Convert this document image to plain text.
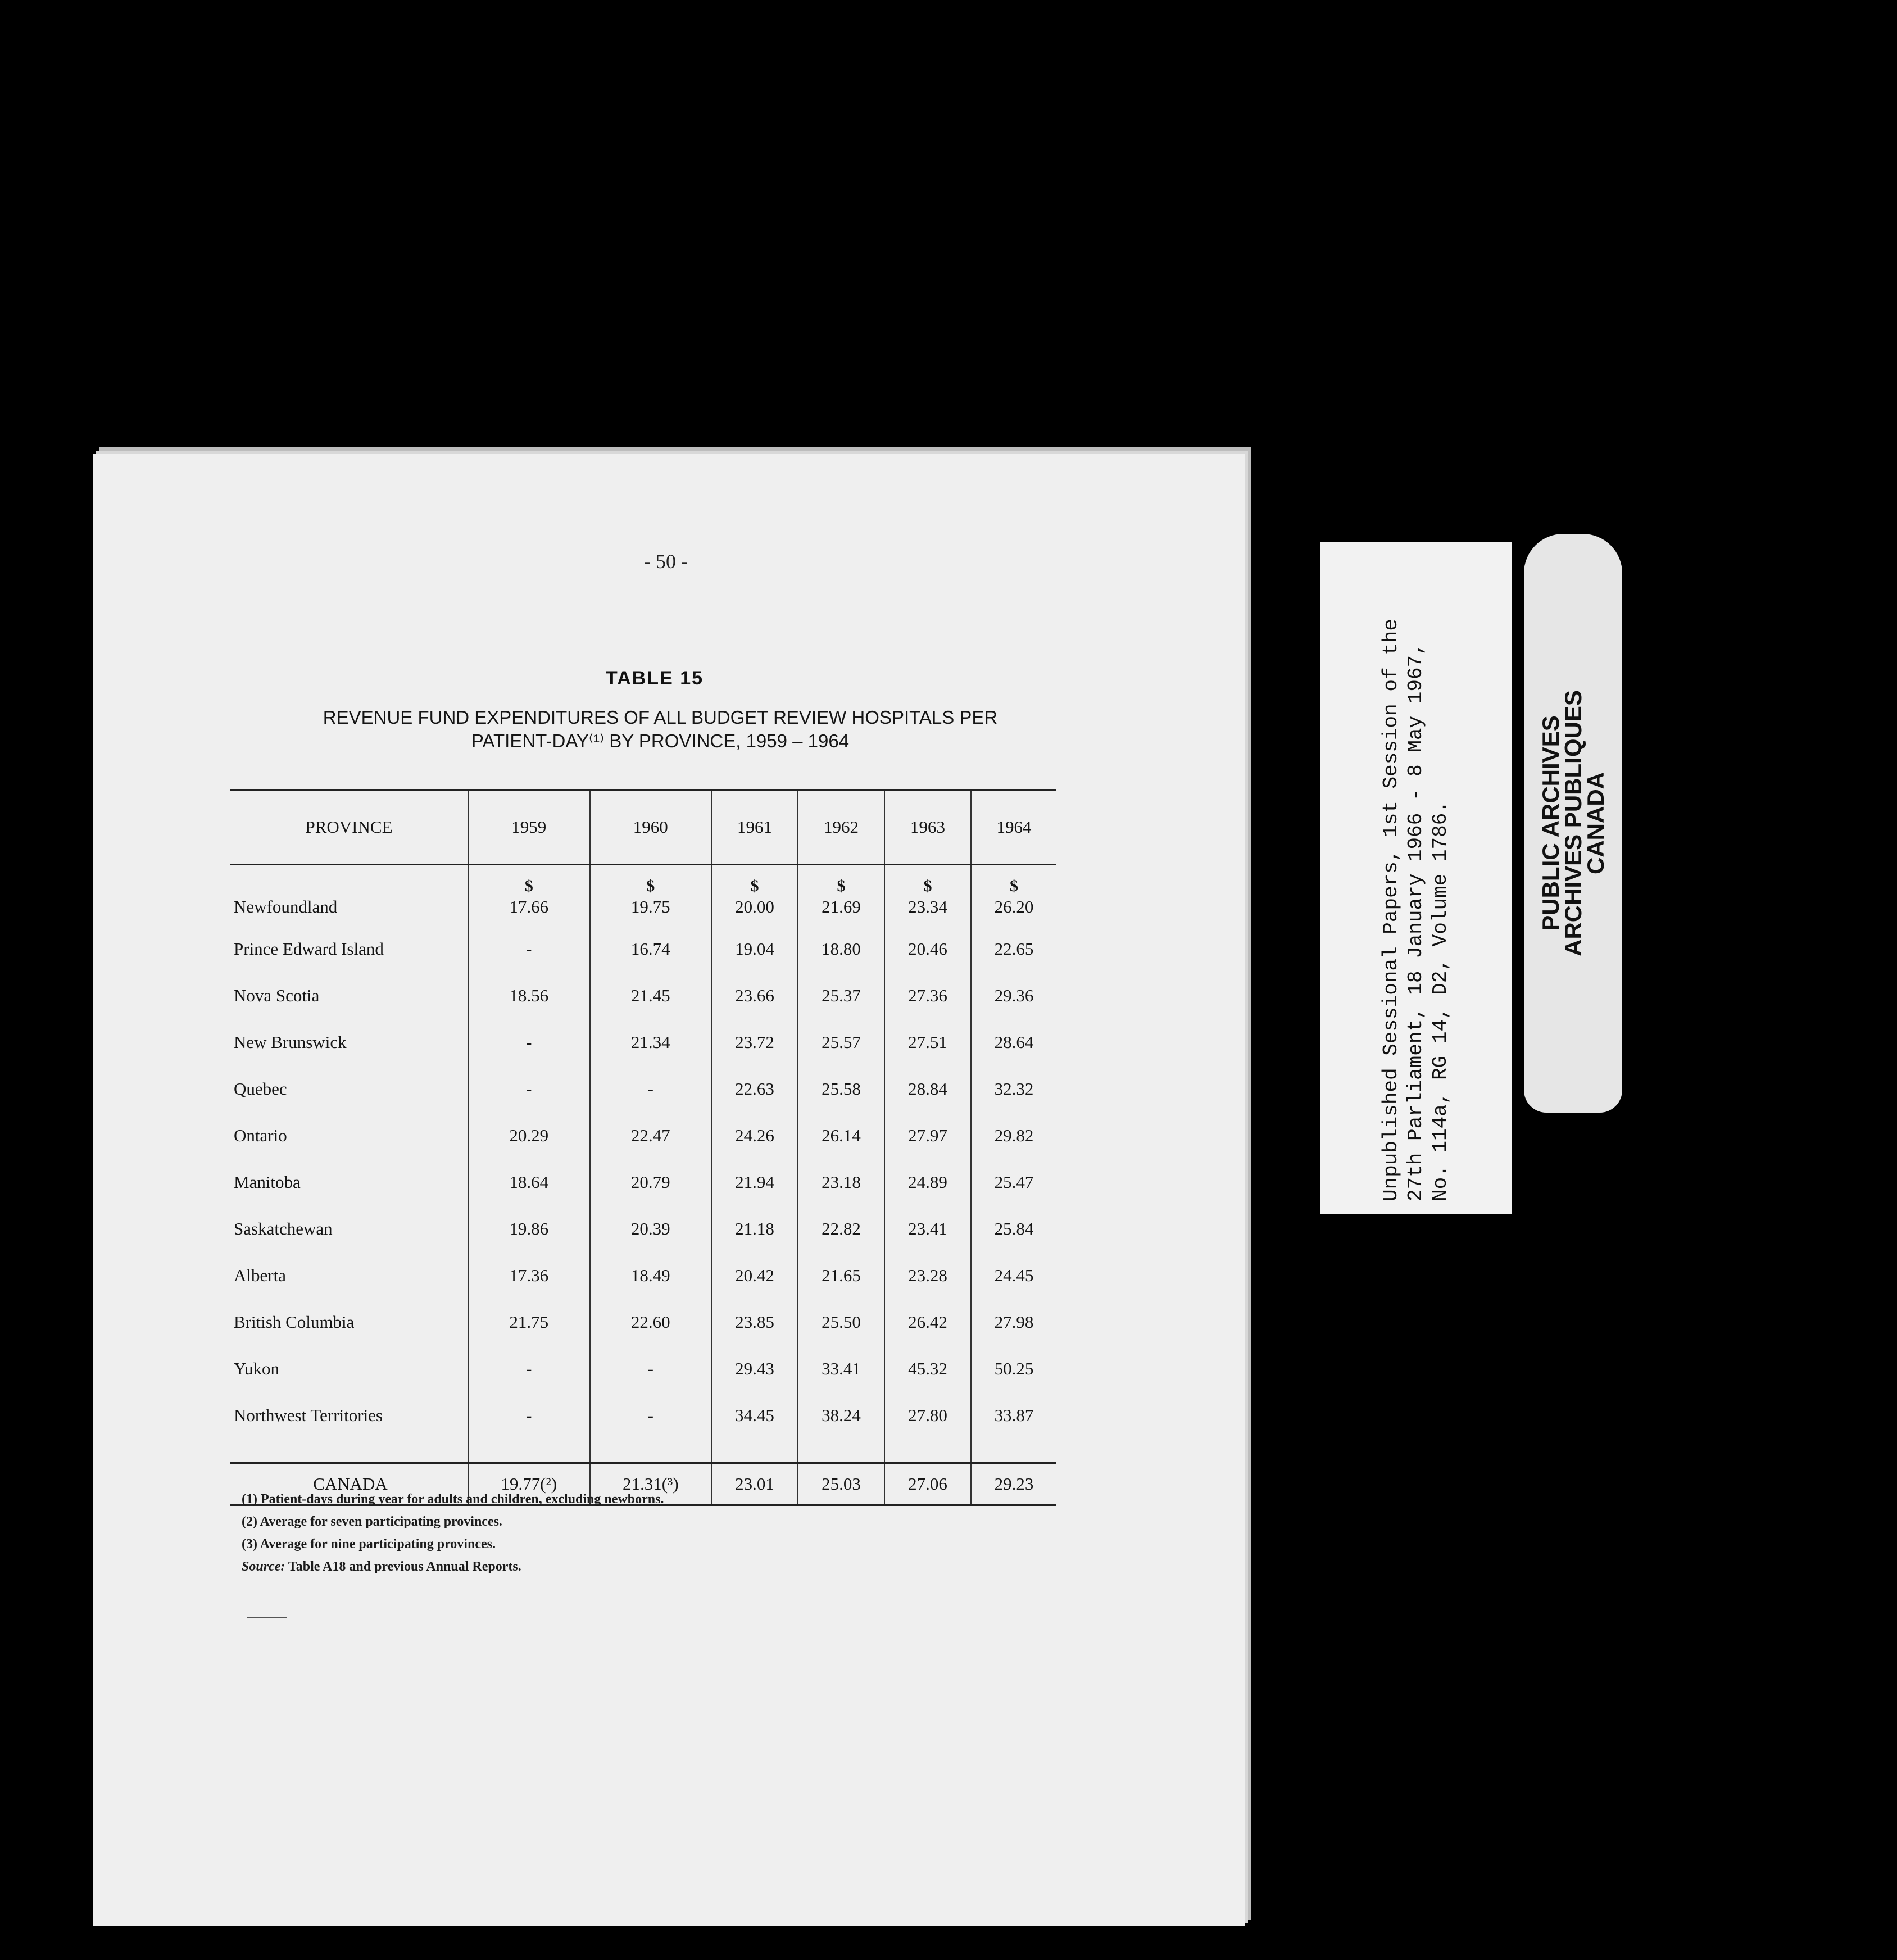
- 50 -
TABLE 15
REVENUE FUND EXPENDITURES OF ALL BUDGET REVIEW HOSPITALS PER
PATIENT-DAY⁽¹⁾ BY PROVINCE, 1959 – 1964
PROVINCE	1959	1960	1961	1962	1963	1964
	$	$	$	$	$	$
Newfoundland	17.66	19.75	20.00	21.69	23.34	26.20
Prince Edward Island	-	16.74	19.04	18.80	20.46	22.65
Nova Scotia	18.56	21.45	23.66	25.37	27.36	29.36
New Brunswick	-	21.34	23.72	25.57	27.51	28.64
Quebec	-	-	22.63	25.58	28.84	32.32
Ontario	20.29	22.47	24.26	26.14	27.97	29.82
Manitoba	18.64	20.79	21.94	23.18	24.89	25.47
Saskatchewan	19.86	20.39	21.18	22.82	23.41	25.84
Alberta	17.36	18.49	20.42	21.65	23.28	24.45
British Columbia	21.75	22.60	23.85	25.50	26.42	27.98
Yukon	-	-	29.43	33.41	45.32	50.25
Northwest Territories	-	-	34.45	38.24	27.80	33.87

CANADA	19.77(²)	21.31(³)	23.01	25.03	27.06	29.23
(1) Patient-days during year for adults and children, excluding newborns.
(2) Average for seven participating provinces.
(3) Average for nine participating provinces.
Source: Table A18 and previous Annual Reports.
Unpublished Sessional Papers, 1st Session of the
27th Parliament, 18 January 1966 - 8 May 1967,
No. 114a, RG 14, D2, Volume 1786.
PUBLIC ARCHIVES
ARCHIVES PUBLIQUES
CANADA
